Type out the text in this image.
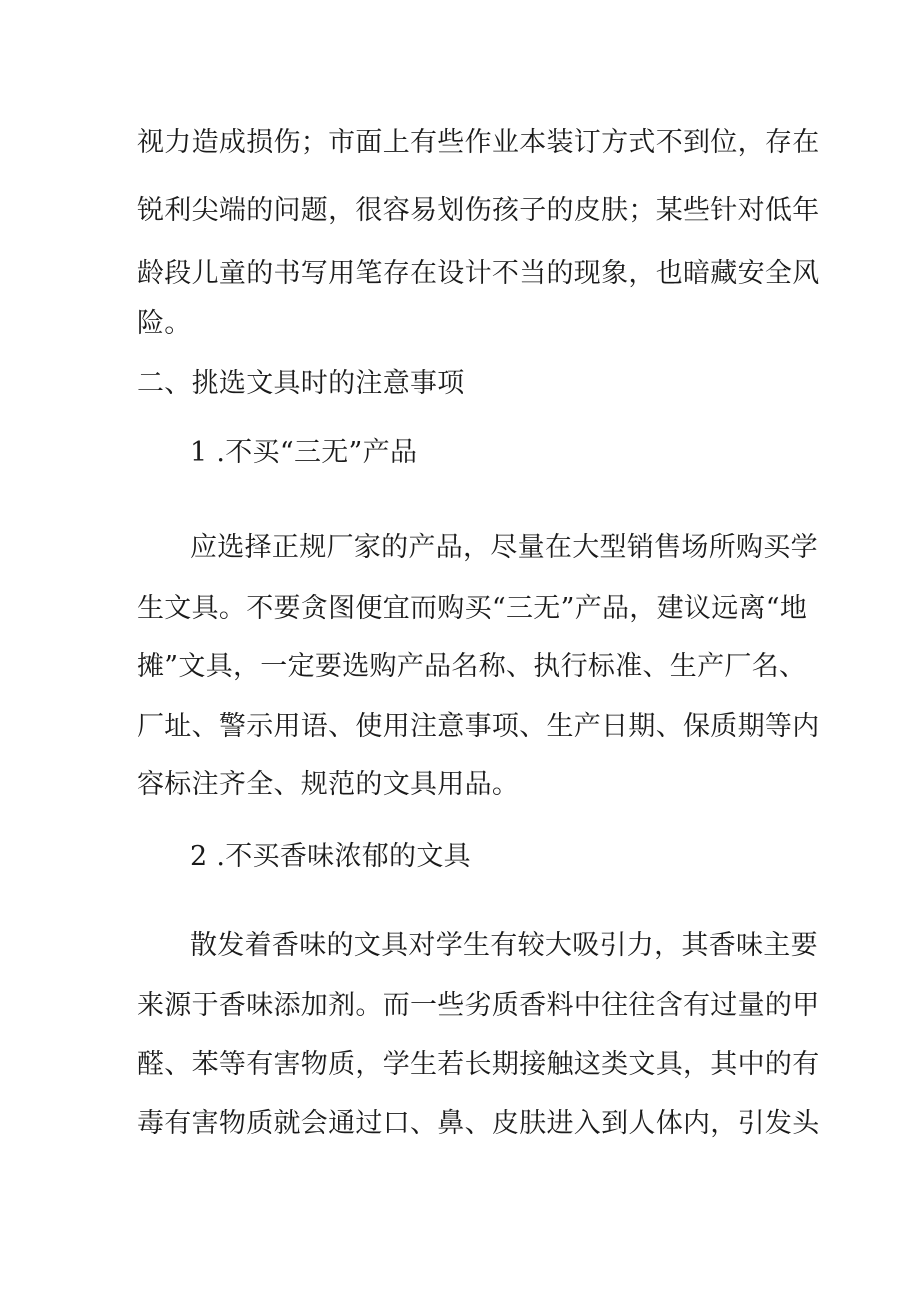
视力造成损伤；市面上有些作业本装订方式不到位，存在
锐利尖端的问题，很容易划伤孩子的皮肤；某些针对低年
龄段儿童的书写用笔存在设计不当的现象，也暗藏安全风
险。
二、挑选文具时的注意事项
1 .不买“三无”产品
应选择正规厂家的产品，尽量在大型销售场所购买学
生文具。不要贪图便宜而购买“三无”产品，建议远离“地
摊”文具，一定要选购产品名称、执行标准、生产厂名、
厂址、警示用语、使用注意事项、生产日期、保质期等内
容标注齐全、规范的文具用品。
2 .不买香味浓郁的文具
散发着香味的文具对学生有较大吸引力，其香味主要
来源于香味添加剂。而一些劣质香料中往往含有过量的甲
醛、苯等有害物质，学生若长期接触这类文具，其中的有
毒有害物质就会通过口、鼻、皮肤进入到人体内，引发头
